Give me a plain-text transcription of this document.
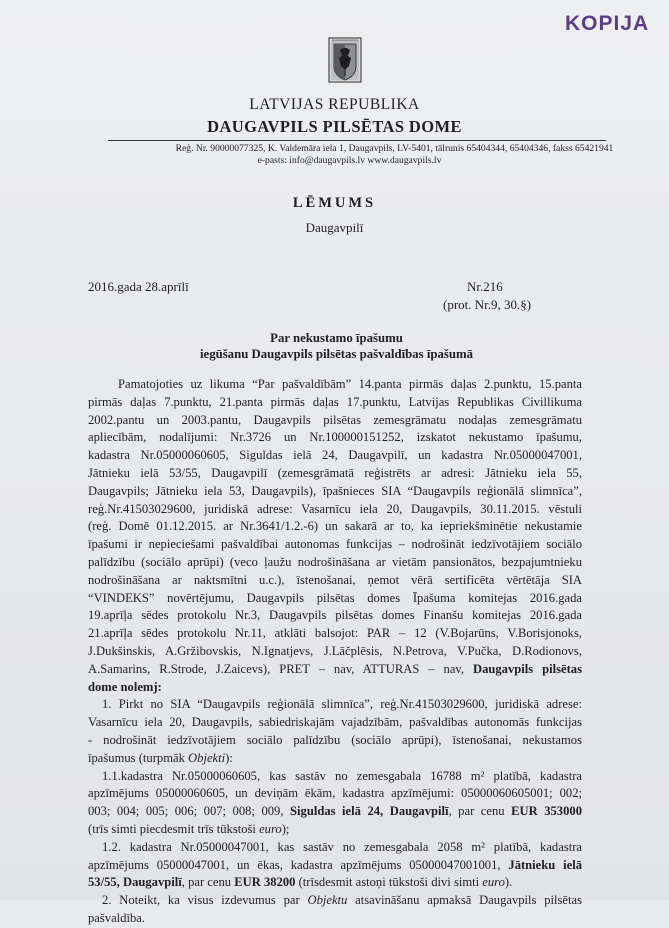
KOPIJA
LATVIJAS REPUBLIKA
DAUGAVPILS PILSĒTAS DOME
Reģ. Nr. 90000077325, K. Valdemāra iela 1, Daugavpils, LV-5401, tālrunis 65404344, 65404346, fakss 65421941
e-pasts: info@daugavpils.lv www.daugavpils.lv
LĒMUMS
Daugavpilī
2016.gada 28.aprīlī	Nr.216
(prot. Nr.9, 30.§)
Par nekustamo īpašumu
iegūšanu Daugavpils pilsētas pašvaldības īpašumā
Pamatojoties uz likuma “Par pašvaldībām” 14.panta pirmās daļas 2.punktu, 15.panta
pirmās daļas 7.punktu, 21.panta pirmās daļas 17.punktu, Latvijas Republikas Civillikuma
2002.pantu un 2003.pantu, Daugavpils pilsētas zemesgrāmatu nodaļas zemesgrāmatu
apliecībām, nodalījumi: Nr.3726 un Nr.100000151252, izskatot nekustamo īpašumu,
kadastra Nr.05000060605, Siguldas ielā 24, Daugavpilī, un kadastra Nr.05000047001,
Jātnieku ielā 53/55, Daugavpilī (zemesgrāmatā reģistrēts ar adresi: Jātnieku iela 55,
Daugavpils; Jātnieku iela 53, Daugavpils), īpašnieces SIA “Daugavpils reģionālā slimnīca”,
reģ.Nr.41503029600, juridiskā adrese: Vasarnīcu iela 20, Daugavpils, 30.11.2015. vēstuli
(reģ. Domē 01.12.2015. ar Nr.3641/1.2.-6) un sakarā ar to, ka iepriekšminētie nekustamie
īpašumi ir nepieciešami pašvaldībai autonomas funkcijas – nodrošināt iedzīvotājiem sociālo
palīdzību (sociālo aprūpi) (veco ļaužu nodrošināšana ar vietām pansionātos, bezpajumtnieku
nodrošināšana ar naktsmītni u.c.), īstenošanai, ņemot vērā sertificēta vērtētāja SIA
“VINDEKS” novērtējumu, Daugavpils pilsētas domes Īpašuma komitejas 2016.gada
19.aprīļa sēdes protokolu Nr.3, Daugavpils pilsētas domes Finanšu komitejas 2016.gada
21.aprīļa sēdes protokolu Nr.11, atklāti balsojot: PAR – 12 (V.Bojarūns, V.Borisjonoks,
J.Dukšinskis, A.Gržibovskis, N.Ignatjevs, J.Lāčplēsis, N.Petrova, V.Pučka, D.Rodionovs,
A.Samarins, R.Strode, J.Zaicevs), PRET – nav, ATTURAS – nav, Daugavpils pilsētas
dome nolemj:
1. Pirkt no SIA “Daugavpils reģionālā slimnīca”, reģ.Nr.41503029600, juridiskā adrese:
Vasarnīcu iela 20, Daugavpils, sabiedriskajām vajadzībām, pašvaldības autonomās funkcijas
- nodrošināt iedzīvotājiem sociālo palīdzību (sociālo aprūpi), īstenošanai, nekustamos
īpašumus (turpmāk Objekti):
1.1.kadastra Nr.05000060605, kas sastāv no zemesgabala 16788 m² platībā, kadastra
apzīmējums 05000060605, un deviņām ēkām, kadastra apzīmējumi: 05000060605001; 002;
003; 004; 005; 006; 007; 008; 009, Siguldas ielā 24, Daugavpilī, par cenu EUR 353000
(trīs simti piecdesmit trīs tūkstoši euro);
1.2. kadastra Nr.05000047001, kas sastāv no zemesgabala 2058 m² platībā, kadastra
apzīmējums 05000047001, un ēkas, kadastra apzīmējums 05000047001001, Jātnieku ielā
53/55, Daugavpilī, par cenu EUR 38200 (trīsdesmit astoņi tūkstoši divi simti euro).
2. Noteikt, ka visus izdevumus par Objektu atsavināšanu apmaksā Daugavpils pilsētas
pašvaldība.
